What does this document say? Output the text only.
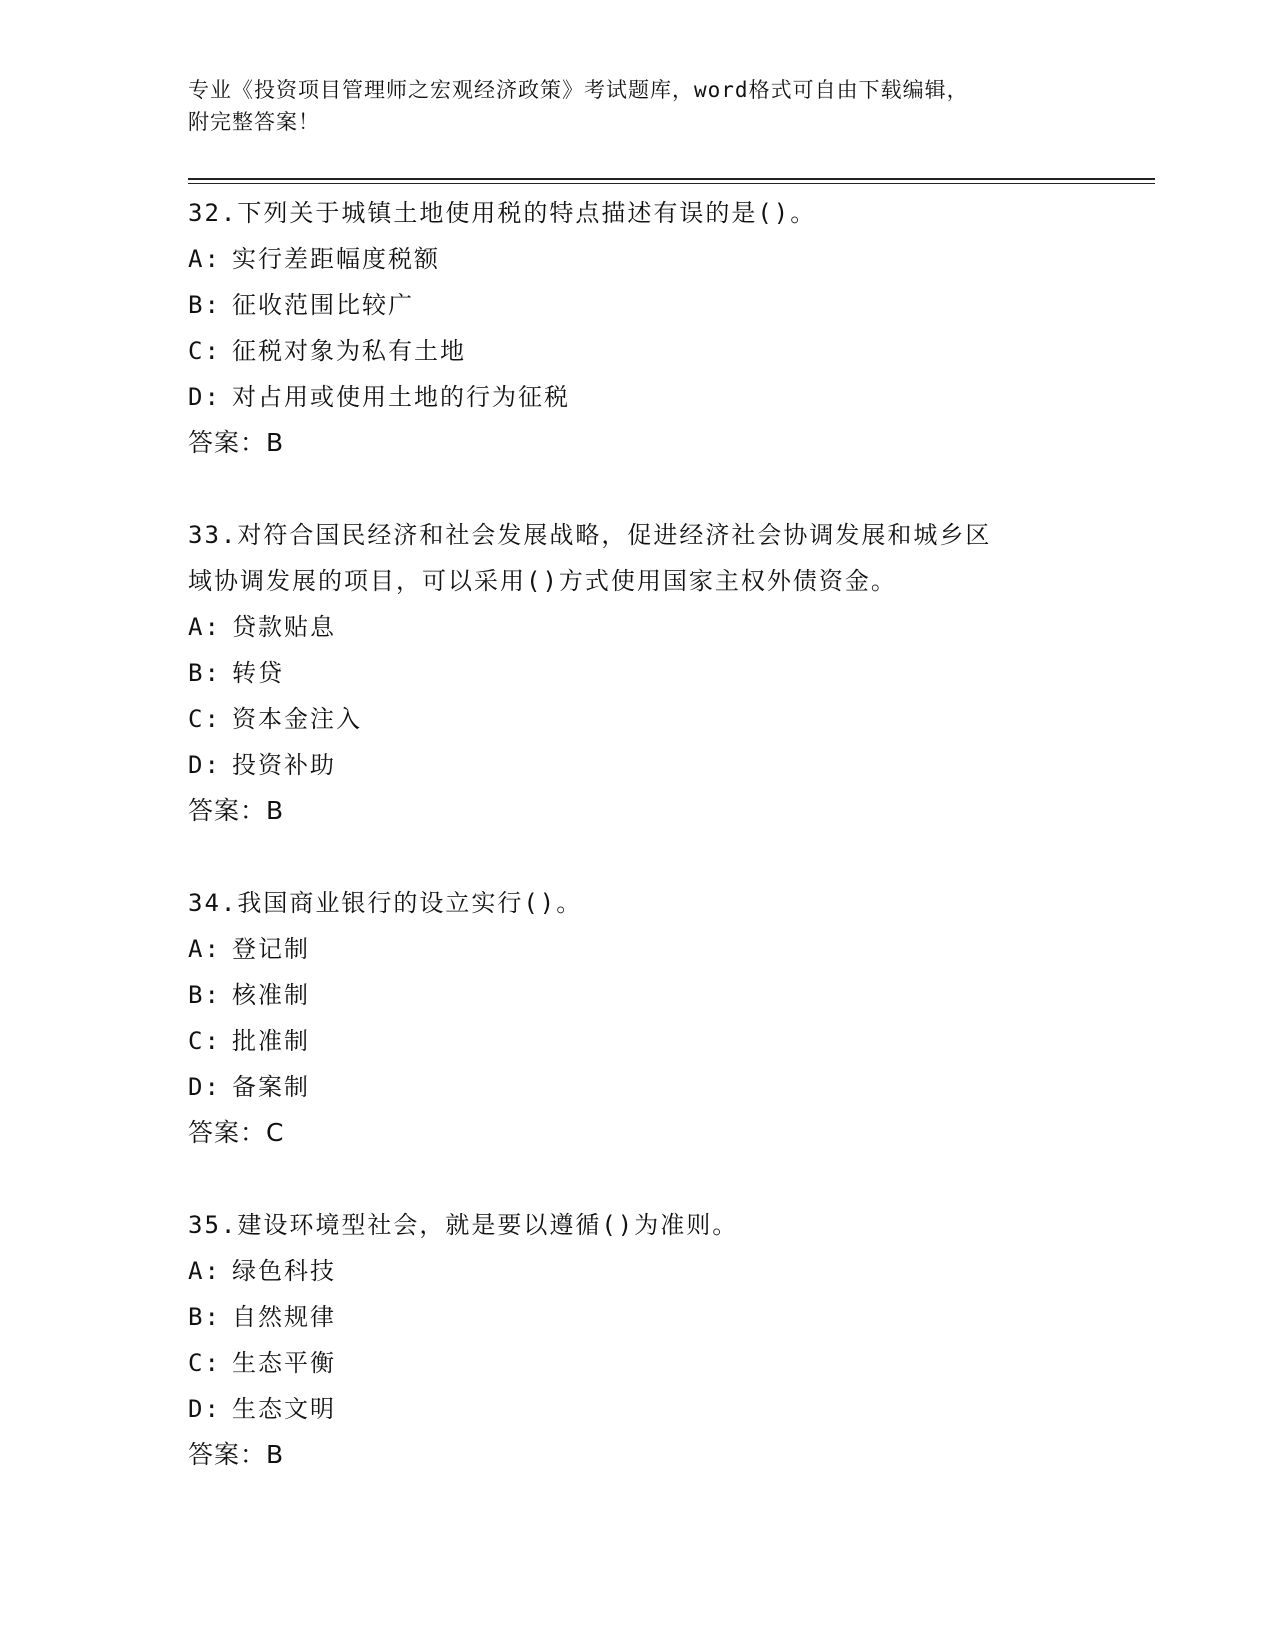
专业《投资项目管理师之宏观经济政策》考试题库，word格式可自由下载编辑，
附完整答案！
32.下列关于城镇土地使用税的特点描述有误的是()。
A: 实行差距幅度税额
B: 征收范围比较广
C: 征税对象为私有土地
D: 对占用或使用土地的行为征税
答案：B
33.对符合国民经济和社会发展战略，促进经济社会协调发展和城乡区
域协调发展的项目，可以采用()方式使用国家主权外债资金。
A: 贷款贴息
B: 转贷
C: 资本金注入
D: 投资补助
答案：B
34.我国商业银行的设立实行()。
A: 登记制
B: 核准制
C: 批准制
D: 备案制
答案：C
35.建设环境型社会，就是要以遵循()为准则。
A: 绿色科技
B: 自然规律
C: 生态平衡
D: 生态文明
答案：B
